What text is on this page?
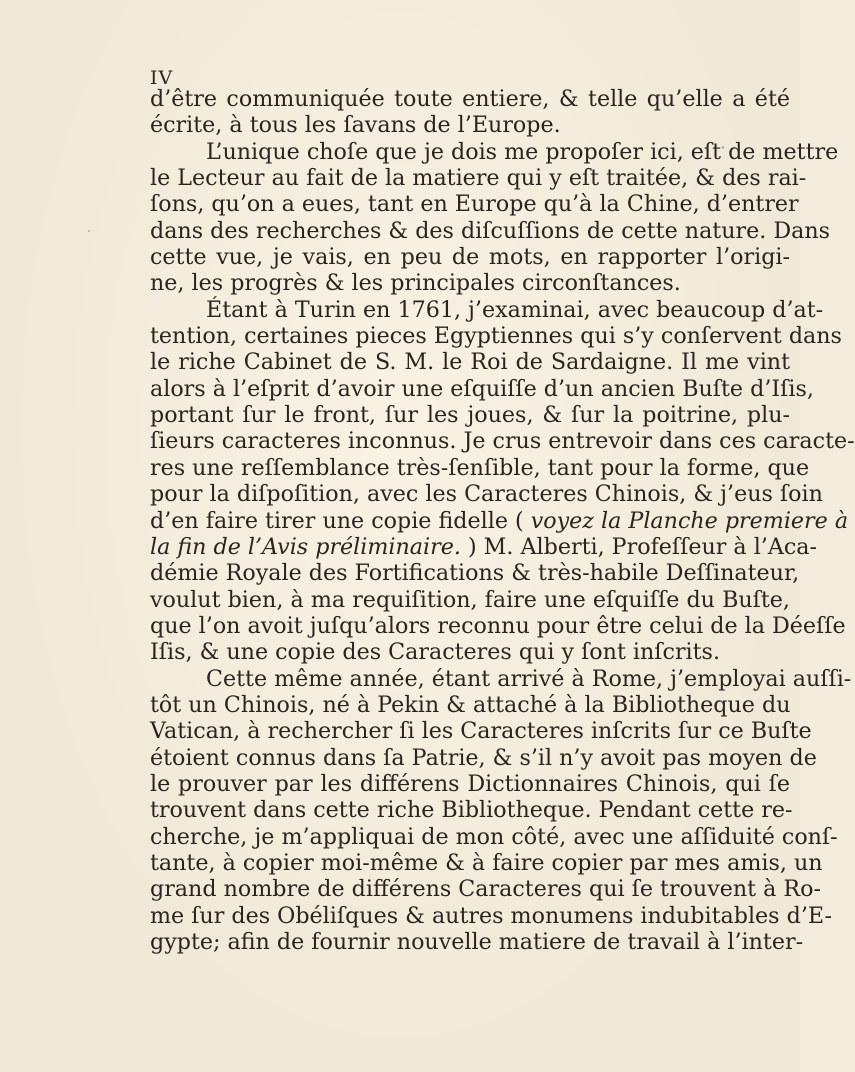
IV
d’être communiquée toute entiere, & telle qu’elle a été
écrite, à tous les ſavans de l’Europe.
L’unique choſe que je dois me propoſer ici, eſt de mettre
le Lecteur au fait de la matiere qui y eſt traitée, & des rai-
ſons, qu’on a eues, tant en Europe qu’à la Chine, d’entrer
dans des recherches & des diſcuſſions de cette nature. Dans
cette vue, je vais, en peu de mots, en rapporter l’origi-
ne, les progrès & les principales circonſtances.
Étant à Turin en 1761, j’examinai, avec beaucoup d’at-
tention, certaines pieces Egyptiennes qui s’y conſervent dans
le riche Cabinet de S. M. le Roi de Sardaigne. Il me vint
alors à l’eſprit d’avoir une eſquiſſe d’un ancien Buſte d’Iſis,
portant ſur le front, ſur les joues, & ſur la poitrine, plu-
ſieurs caracteres inconnus. Je crus entrevoir dans ces caracte-
res une reſſemblance très-ſenſible, tant pour la forme, que
pour la diſpoſition, avec les Caracteres Chinois, & j’eus ſoin
d’en faire tirer une copie fidelle ( voyez la Planche premiere à
la fin de l’Avis préliminaire. ) M. Alberti, Profeſſeur à l’Aca-
démie Royale des Fortifications & très-habile Deſſinateur,
voulut bien, à ma requiſition, faire une eſquiſſe du Buſte,
que l’on avoit juſqu’alors reconnu pour être celui de la Déeſſe
Iſis, & une copie des Caracteres qui y ſont inſcrits.
Cette même année, étant arrivé à Rome, j’employai auſſi-
tôt un Chinois, né à Pekin & attaché à la Bibliotheque du
Vatican, à rechercher ſi les Caracteres inſcrits ſur ce Buſte
étoient connus dans ſa Patrie, & s’il n’y avoit pas moyen de
le prouver par les différens Dictionnaires Chinois, qui ſe
trouvent dans cette riche Bibliotheque. Pendant cette re-
cherche, je m’appliquai de mon côté, avec une aſſiduité conſ-
tante, à copier moi-même & à faire copier par mes amis, un
grand nombre de différens Caracteres qui ſe trouvent à Ro-
me ſur des Obéliſques & autres monumens indubitables d’E-
gypte; afin de fournir nouvelle matiere de travail à l’inter-
